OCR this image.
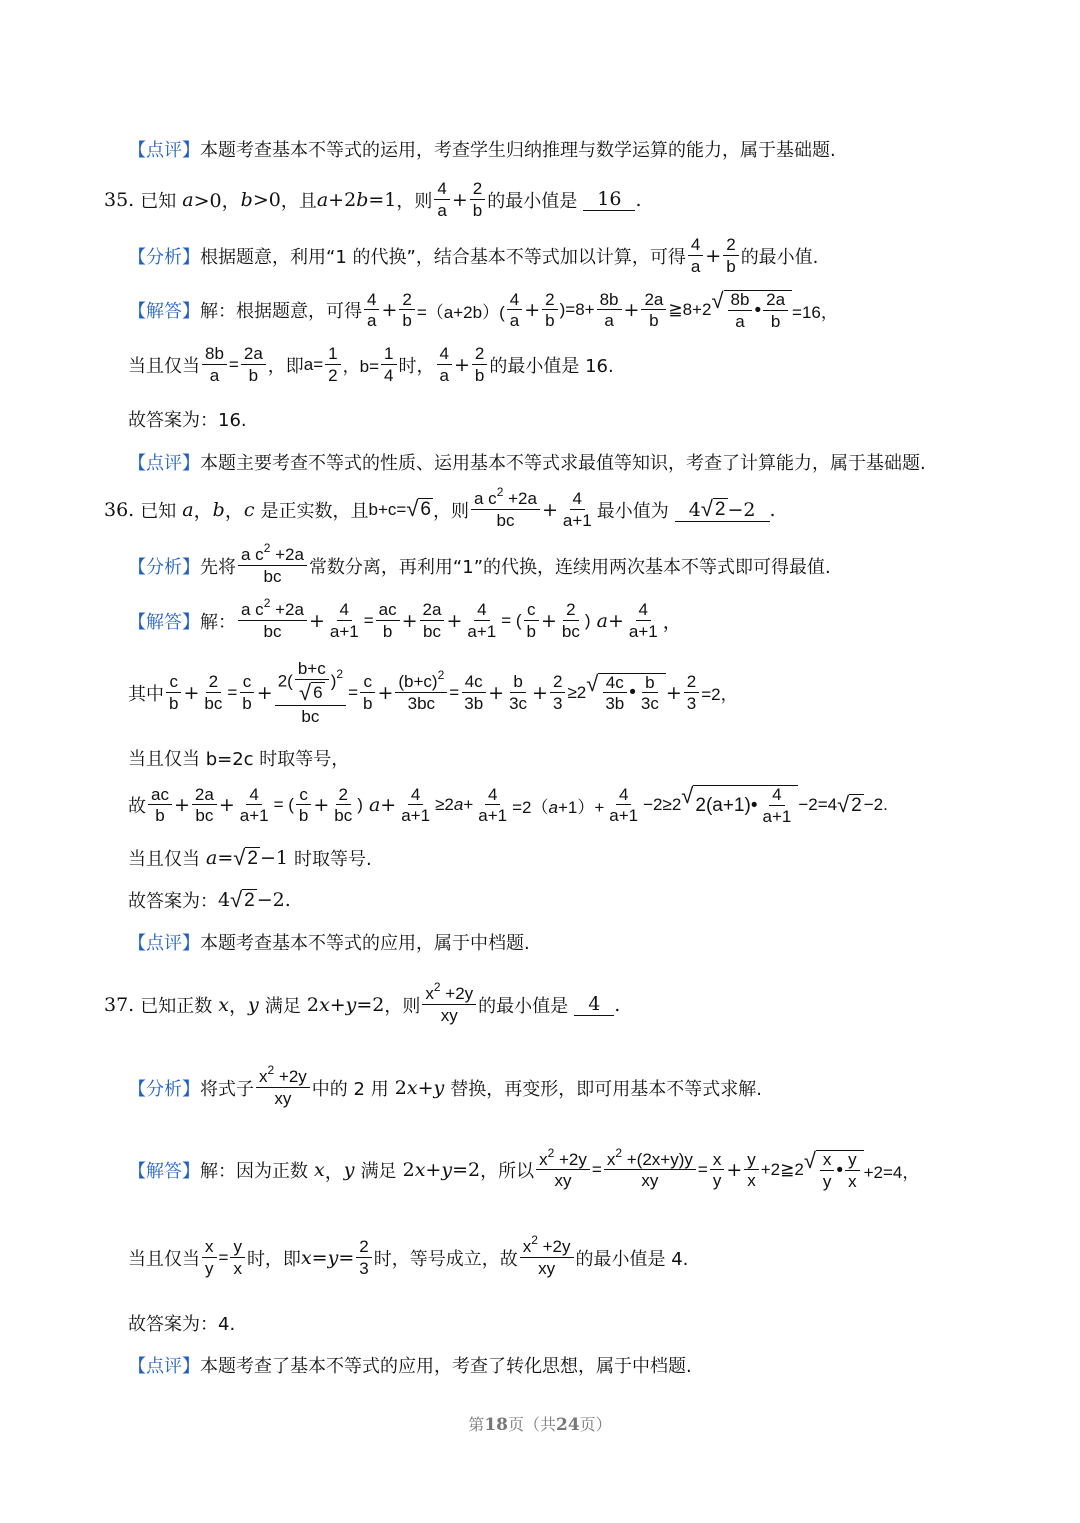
【点评】 本题考查基本不等式的运用，考查学生归纳推理与数学运算的能力，属于基础题.
35.
已知 a >0， b >0 ，且 a +2 b =1 ，则 $\frac{4}{a} + \frac{2}{b}$ 的最小值是
	16 .
【分析】 根据题意，利用“1 的代换”，结合基本不等式加以计算，可得 $\frac{4}{a} + \frac{2}{b}$ 的最小值.
【解答】 解：根据题意，可得 $\frac{4}{a} + \frac{2}{b} =(a+2b)( \frac{4}{a} + \frac{2}{b} )=8+ \frac{8b}{a} + \frac{2a}{b}$ ≧8+2 √ $\frac{8b}{a}$ • $\frac{2a}{b} =16$，
当且仅当 $\frac{8b}{a} = \frac{2a}{b}$ ，即 $a= \frac{1}{2}$ ，$b= \frac{1}{4}$ 时， $\frac{4}{a} + \frac{2}{b}$ 的最小值是 16.
故答案为：16.
【点评】 本题主要考查不等式的性质、运用基本不等式求最值等知识，考查了计算能力，属于基础题.
36.
已知 a ， b ， c 是正实数，且 b+c= √ 6 ，则 $\frac{a c^2 +2a}{bc} + \frac{4}{a+1}$ 最小值为
	4 √ 2 −2 .
【分析】 先将 $\frac{a c^2 +2a}{bc}$ 常数分离，再利用“1”的代换，连续用两次基本不等式即可得最值.
【解答】 解： $\frac{a c^2 +2a}{bc} + \frac{4}{a+1} = \frac{ac}{b} + \frac{2a}{bc} + \frac{4}{a+1}$ = ( $\frac{c}{b} + \frac{2}{bc}$ ) $a + \frac{4}{a+1}$ ，
其中 $\frac{c}{b} + \frac{2}{bc} = \frac{c}{b} + \frac{2( \frac{b+c}{√ 6} )^2}{bc} = \frac{c}{b} + \frac{(b+c)^2}{3bc} = \frac{4c}{3b} + \frac{b}{3c} + \frac{2}{3} \ge 2$ √ $\frac{4c}{3b}$ • $\frac{b}{3c} + \frac{2}{3} =2$，
当且仅当 b=2c 时取等号，
故 $\frac{ac}{b} + \frac{2a}{bc} + \frac{4}{a+1}$ = ( $\frac{c}{b} + \frac{2}{bc}$ ) $a + \frac{4}{a+1} \ge 2a+ \frac{4}{a+1} =2(a+1)+ \frac{4}{a+1} -2\ge 2$ √ 2(a+1)• $\frac{4}{a+1} -2=4$ √ 2 −2.
当且仅当 a = √ 2 −1 时取等号.
故答案为： 4 √ 2 −2.
【点评】 本题考查基本不等式的应用，属于中档题.
37.
已知正数 x ， y 满足 2 x + y =2 ，则 $\frac{x^2 +2y}{xy}$ 的最小值是
	4 .
【分析】 将式子 $\frac{x^2 +2y}{xy}$ 中的 2 用 2 x + y
替换，再变形，即可用基本不等式求解.
【解答】 解：因为正数 x ， y 满足 2 x + y =2 ，所以 $\frac{x^2 +2y}{xy} = \frac{x^2 +(2x+y)y}{xy} = \frac{x}{y} + \frac{y}{x}$ +2≧2 √ $\frac{x}{y}$ • $\frac{y}{x} +2=4$，
当且仅当 $\frac{x}{y} = \frac{y}{x}$ 时，即 $x = y = \frac{2}{3}$ 时，等号成立，故 $\frac{x^2 +2y}{xy}$ 的最小值是 4.
故答案为：4.
【点评】 本题考查了基本不等式的应用，考查了转化思想，属于中档题.
第18页（共24页）
